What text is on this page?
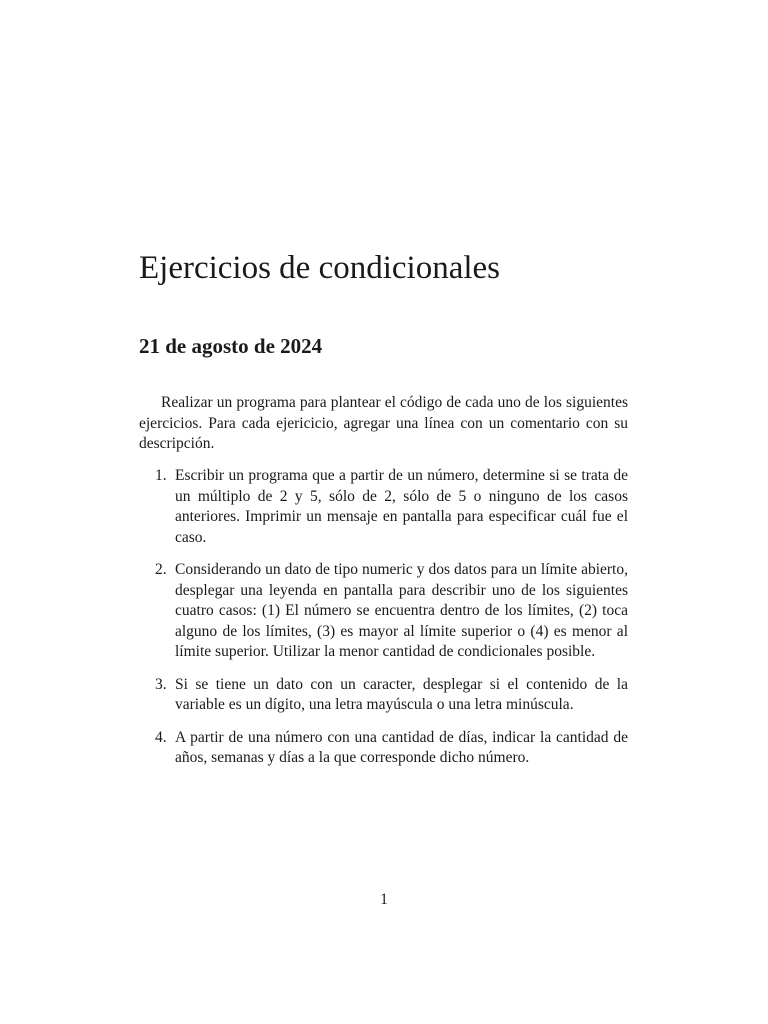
Ejercicios de condicionales
21 de agosto de 2024

Realizar un programa para plantear el código de cada uno de los siguientes ejercicios. Para cada ejericicio, agregar una línea con un comentario con su descripción.

1. Escribir un programa que a partir de un número, determine si se trata de un múltiplo de 2 y 5, sólo de 2, sólo de 5 o ninguno de los casos anteriores. Imprimir un mensaje en pantalla para especificar cuál fue el caso.
2. Considerando un dato de tipo numeric y dos datos para un límite abierto, desplegar una leyenda en pantalla para describir uno de los siguientes cuatro casos: (1) El número se encuentra dentro de los límites, (2) toca alguno de los límites, (3) es mayor al límite superior o (4) es menor al límite superior. Utilizar la menor cantidad de condicionales posible.
3. Si se tiene un dato con un caracter, desplegar si el contenido de la variable es un dígito, una letra mayúscula o una letra minúscula.
4. A partir de una número con una cantidad de días, indicar la cantidad de años, semanas y días a la que corresponde dicho número.
1
